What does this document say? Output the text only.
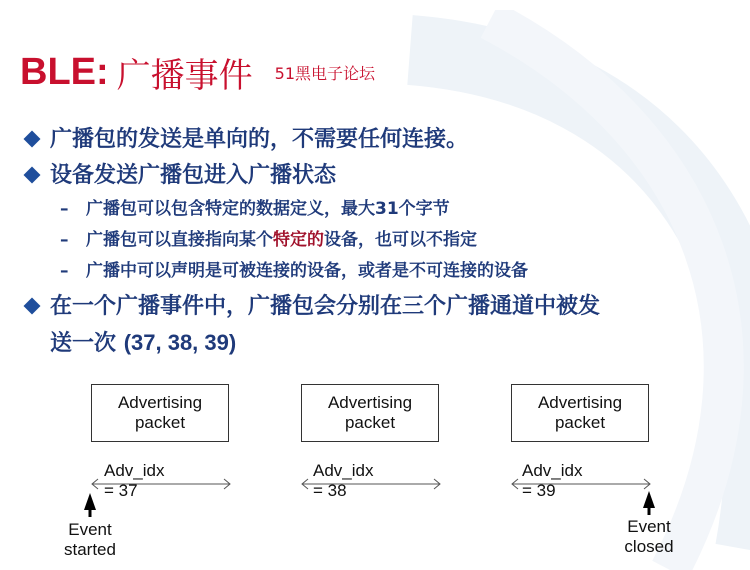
BLE: 广播事件 51黑电子论坛
广播包的发送是单向的，不需要任何连接。
设备发送广播包进入广播状态
– 广播包可以包含特定的数据定义，最大31个字节
– 广播包可以直接指向某个特定的设备，也可以不指定
– 广播中可以声明是可被连接的设备，或者是不可连接的设备
在一个广播事件中，广播包会分别在三个广播通道中被发
送一次 (37, 38, 39)
Advertising
packet
Advertising
packet
Advertising
packet
Adv_idx = 37
Adv_idx = 38
Adv_idx = 39
Event
started
Event
closed
